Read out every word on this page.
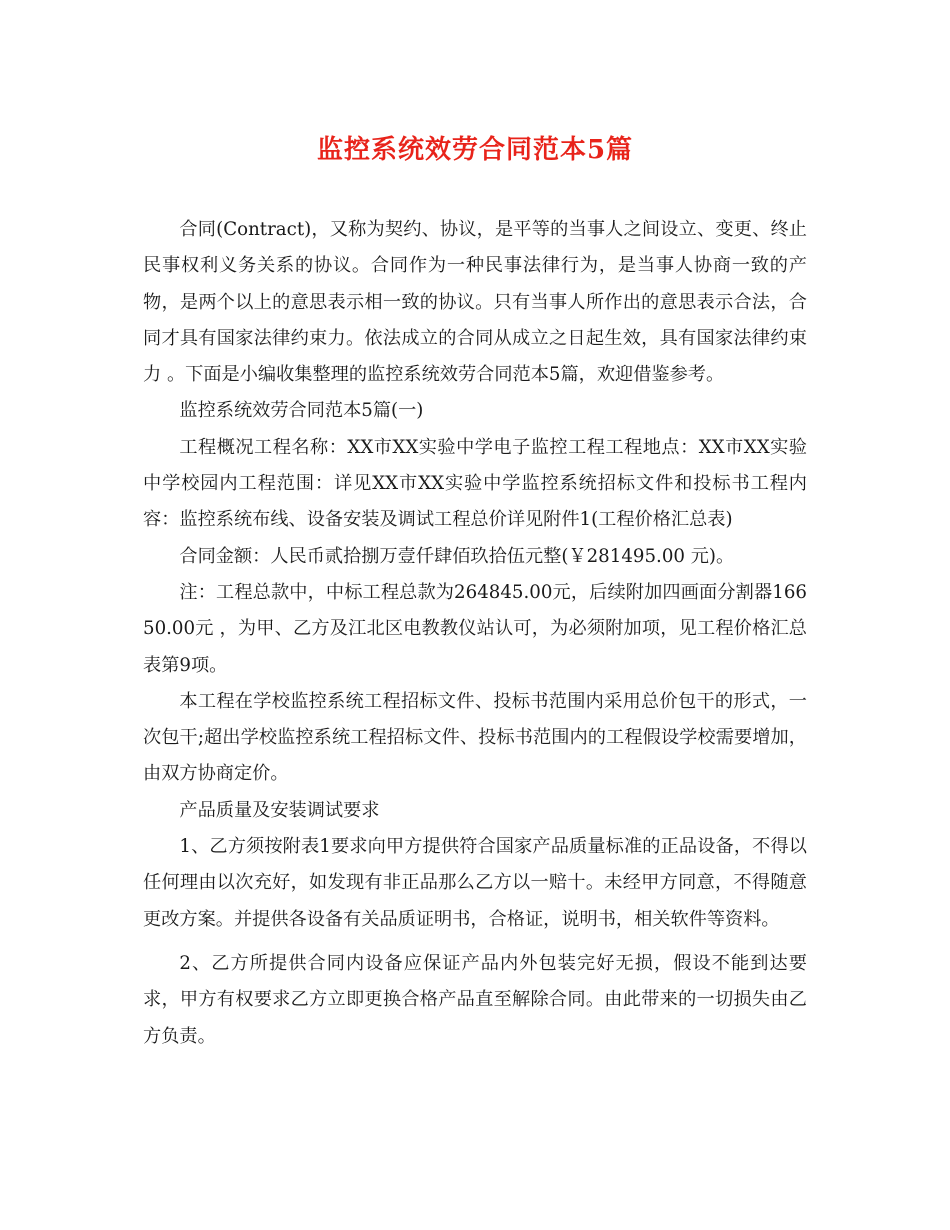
监控系统效劳合同范本5篇

合同(Contract)，又称为契约、协议，是平等的当事人之间设立、变更、终止民事权利义务关系的协议。合同作为一种民事法律行为，是当事人协商一致的产物，是两个以上的意思表示相一致的协议。只有当事人所作出的意思表示合法，合同才具有国家法律约束力。依法成立的合同从成立之日起生效，具有国家法律约束力 。下面是小编收集整理的监控系统效劳合同范本5篇，欢迎借鉴参考。

监控系统效劳合同范本5篇(一)

工程概况工程名称：XX市XX实验中学电子监控工程工程地点：XX市XX实验中学校园内工程范围：详见XX市XX实验中学监控系统招标文件和投标书工程内容：监控系统布线、设备安装及调试工程总价详见附件1(工程价格汇总表)

合同金额：人民币贰拾捌万壹仟肆佰玖拾伍元整(￥281495.00 元)。

注：工程总款中，中标工程总款为264845.00元，后续附加四画面分割器16650.00元 ，为甲、乙方及江北区电教教仪站认可，为必须附加项，见工程价格汇总表第9项。

本工程在学校监控系统工程招标文件、投标书范围内采用总价包干的形式，一次包干;超出学校监控系统工程招标文件、投标书范围内的工程假设学校需要增加，由双方协商定价。

产品质量及安装调试要求

1、乙方须按附表1要求向甲方提供符合国家产品质量标准的正品设备，不得以任何理由以次充好，如发现有非正品那么乙方以一赔十。未经甲方同意，不得随意更改方案。并提供各设备有关品质证明书，合格证，说明书，相关软件等资料。

2、乙方所提供合同内设备应保证产品内外包装完好无损，假设不能到达要求，甲方有权要求乙方立即更换合格产品直至解除合同。由此带来的一切损失由乙方负责。
